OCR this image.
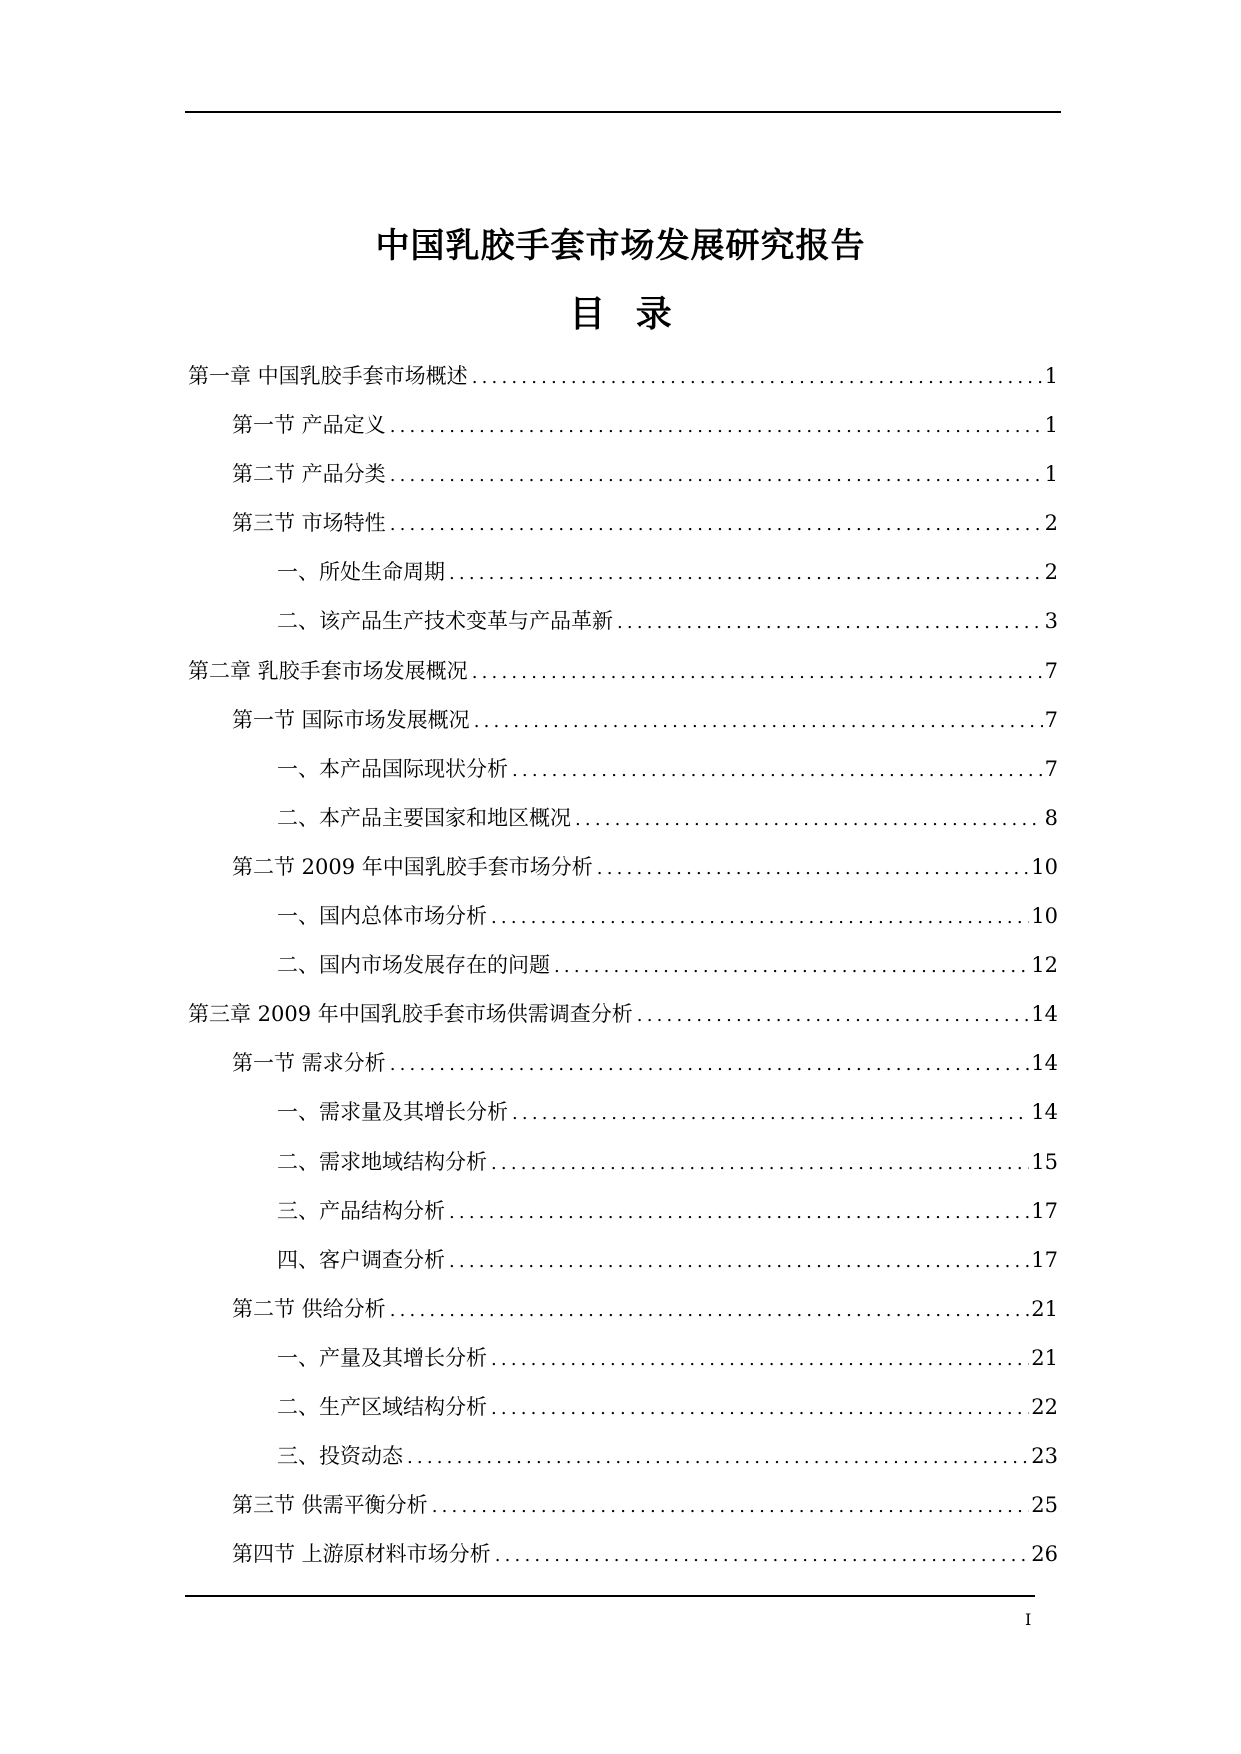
中国乳胶手套市场发展研究报告
目 录
第一章 中国乳胶手套市场概述 .....	1
第一节 产品定义 .....	1
第二节 产品分类 .....	1
第三节 市场特性 .....	2
一、所处生命周期 .....	2
二、该产品生产技术变革与产品革新 .....	3
第二章 乳胶手套市场发展概况 .....	7
第一节 国际市场发展概况 .....	7
一、本产品国际现状分析 .....	7
二、本产品主要国家和地区概况 .....	8
第二节 2009 年中国乳胶手套市场分析 .....	10
一、国内总体市场分析 .....	10
二、国内市场发展存在的问题 .....	12
第三章 2009 年中国乳胶手套市场供需调查分析 .....	14
第一节 需求分析 .....	14
一、需求量及其增长分析 .....	14
二、需求地域结构分析 .....	15
三、产品结构分析 .....	17
四、客户调查分析 .....	17
第二节 供给分析 .....	21
一、产量及其增长分析 .....	21
二、生产区域结构分析 .....	22
三、投资动态 .....	23
第三节 供需平衡分析 .....	25
第四节 上游原材料市场分析 .....	26
I
